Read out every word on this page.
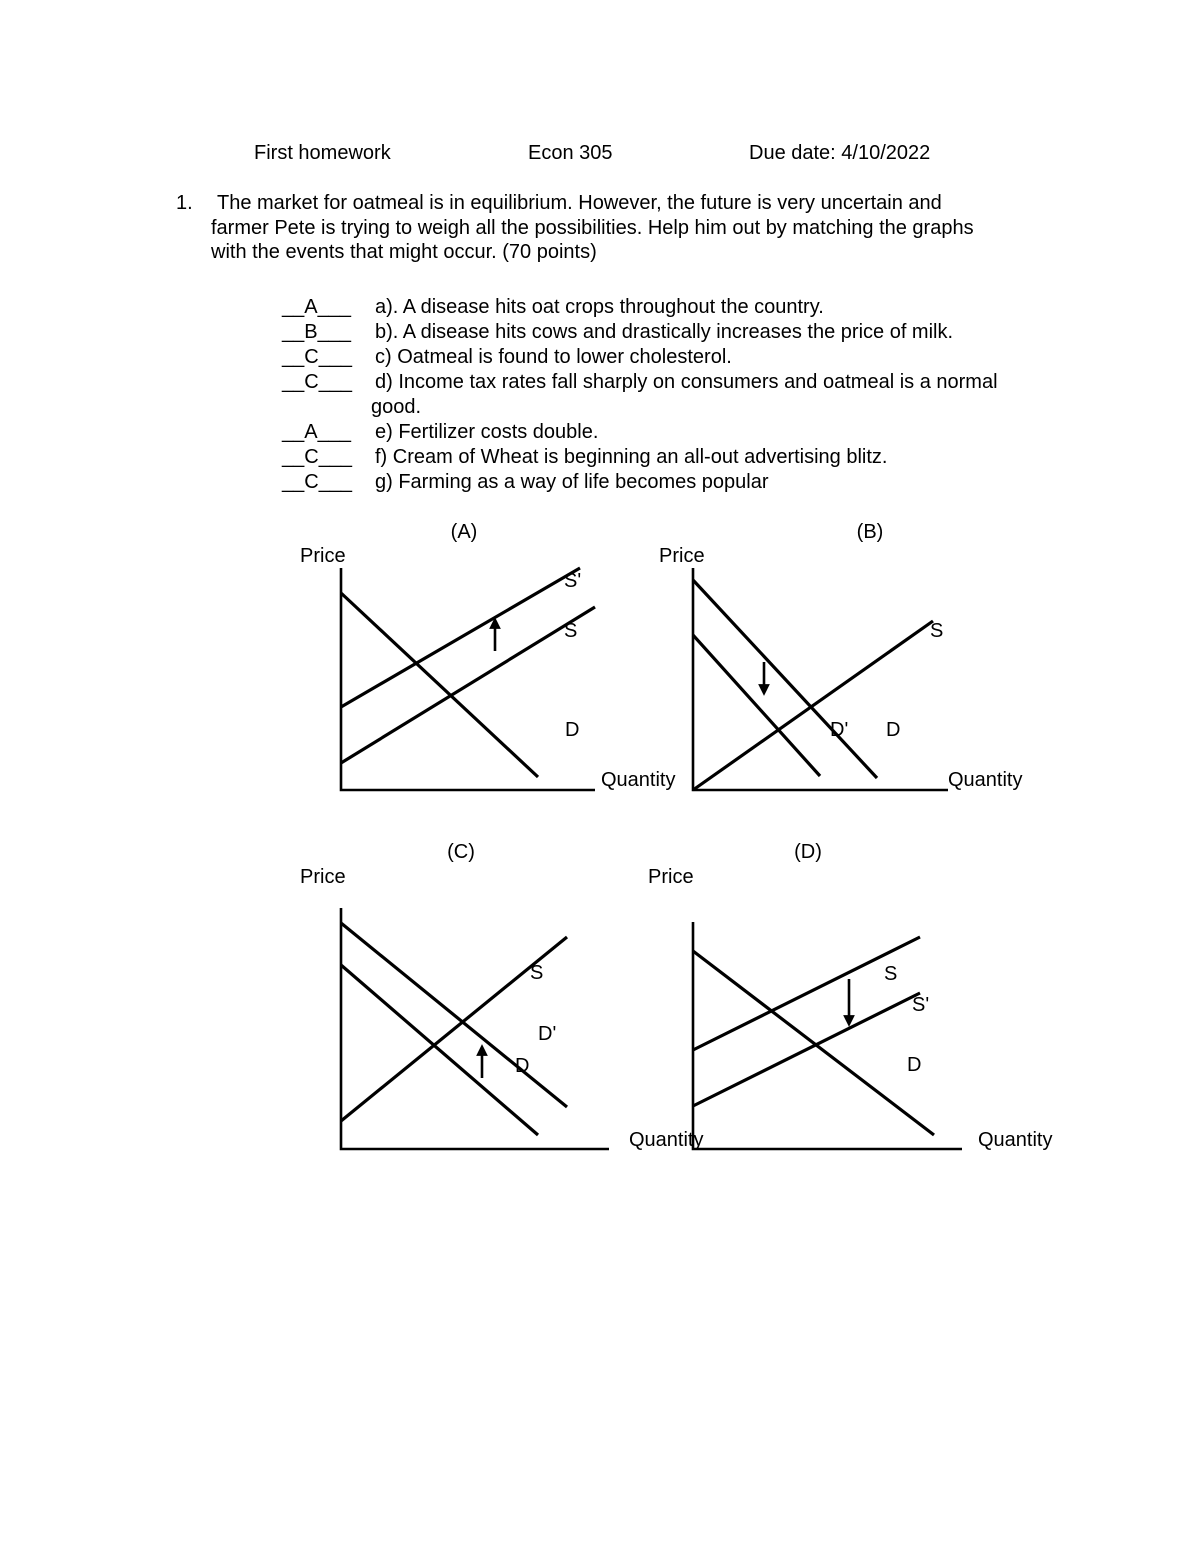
First homework	Econ 305	Due date: 4/10/2022
1. The market for oatmeal is in equilibrium. However, the future is very uncertain and
farmer Pete is trying to weigh all the possibilities. Help him out by matching the graphs
with the events that might occur. (70 points)
__A___ a). A disease hits oat crops throughout the country.
__B___ b). A disease hits cows and drastically increases the price of milk.
__C___ c) Oatmeal is found to lower cholesterol.
__C___ d) Income tax rates fall sharply on consumers and oatmeal is a normal
good.
__A___ e) Fertilizer costs double.
__C___ f) Cream of Wheat is beginning an all-out advertising blitz.
__C___ g) Farming as a way of life becomes popular
(A)
Price
Quantity
S'
S
D
(B)
Price
Quantity
S
D' D
(C)
Price
Quantity
S
D'
D
(D)
Price
Quantity
S
S'
D
